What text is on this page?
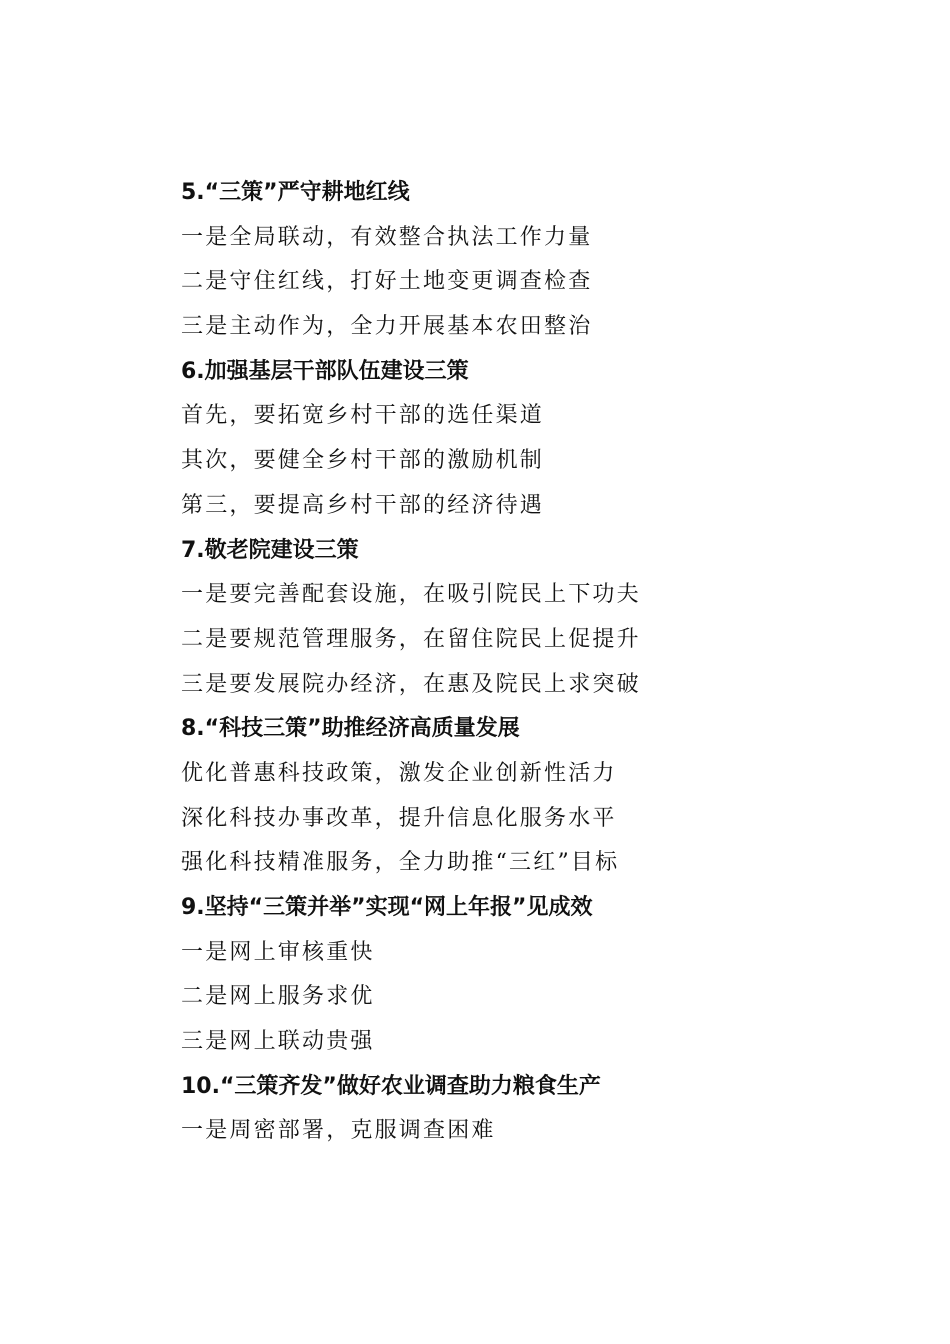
5.“三策”严守耕地红线
一是全局联动，有效整合执法工作力量
二是守住红线，打好土地变更调查检查
三是主动作为，全力开展基本农田整治
6.加强基层干部队伍建设三策
首先，要拓宽乡村干部的选任渠道
其次，要健全乡村干部的激励机制
第三，要提高乡村干部的经济待遇
7.敬老院建设三策
一是要完善配套设施，在吸引院民上下功夫
二是要规范管理服务，在留住院民上促提升
三是要发展院办经济，在惠及院民上求突破
8.“科技三策”助推经济高质量发展
优化普惠科技政策，激发企业创新性活力
深化科技办事改革，提升信息化服务水平
强化科技精准服务，全力助推“三红”目标
9.坚持“三策并举”实现“网上年报”见成效
一是网上审核重快
二是网上服务求优
三是网上联动贵强
10.“三策齐发”做好农业调查助力粮食生产
一是周密部署，克服调查困难
